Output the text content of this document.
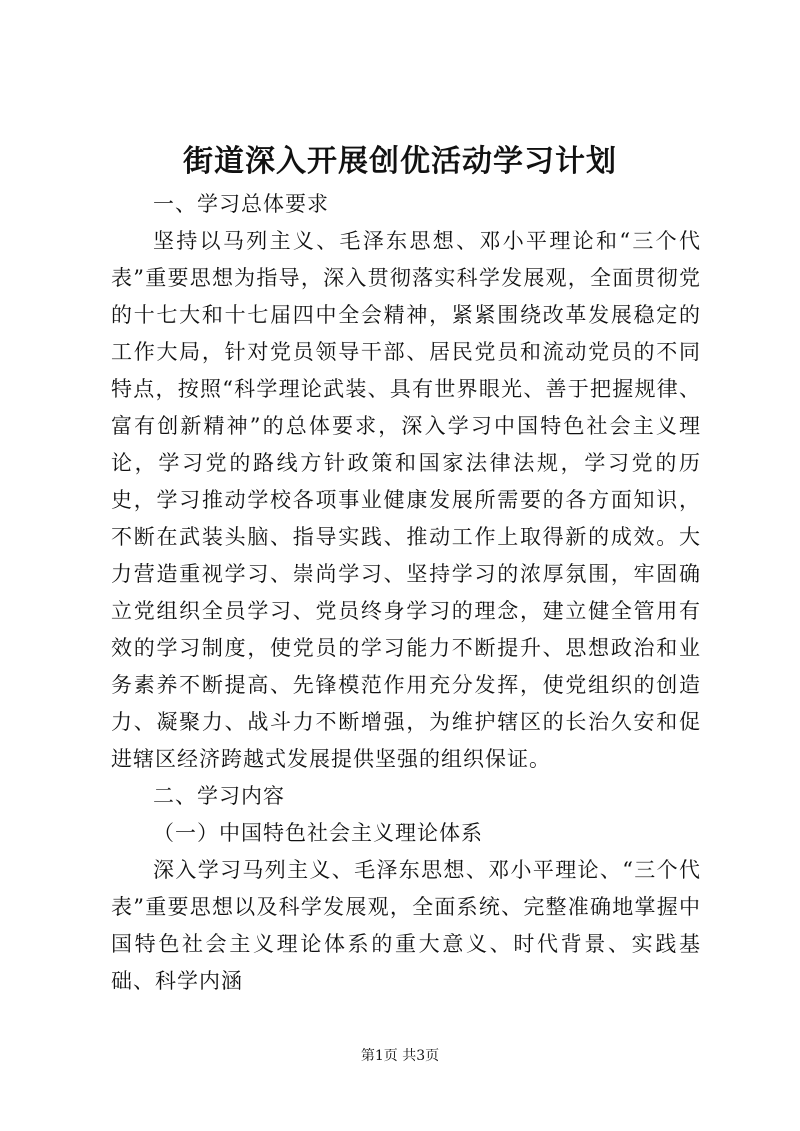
街道深入开展创优活动学习计划

一、学习总体要求

坚持以马列主义、毛泽东思想、邓小平理论和“三个代表”重要思想为指导，深入贯彻落实科学发展观，全面贯彻党的十七大和十七届四中全会精神，紧紧围绕改革发展稳定的工作大局，针对党员领导干部、居民党员和流动党员的不同特点，按照“科学理论武装、具有世界眼光、善于把握规律、富有创新精神”的总体要求，深入学习中国特色社会主义理论，学习党的路线方针政策和国家法律法规，学习党的历史，学习推动学校各项事业健康发展所需要的各方面知识，不断在武装头脑、指导实践、推动工作上取得新的成效。大力营造重视学习、崇尚学习、坚持学习的浓厚氛围，牢固确立党组织全员学习、党员终身学习的理念，建立健全管用有效的学习制度，使党员的学习能力不断提升、思想政治和业务素养不断提高、先锋模范作用充分发挥，使党组织的创造力、凝聚力、战斗力不断增强，为维护辖区的长治久安和促进辖区经济跨越式发展提供坚强的组织保证。

二、学习内容

（一）中国特色社会主义理论体系

深入学习马列主义、毛泽东思想、邓小平理论、“三个代表”重要思想以及科学发展观，全面系统、完整准确地掌握中国特色社会主义理论体系的重大意义、时代背景、实践基础、科学内涵

第1页 共3页
